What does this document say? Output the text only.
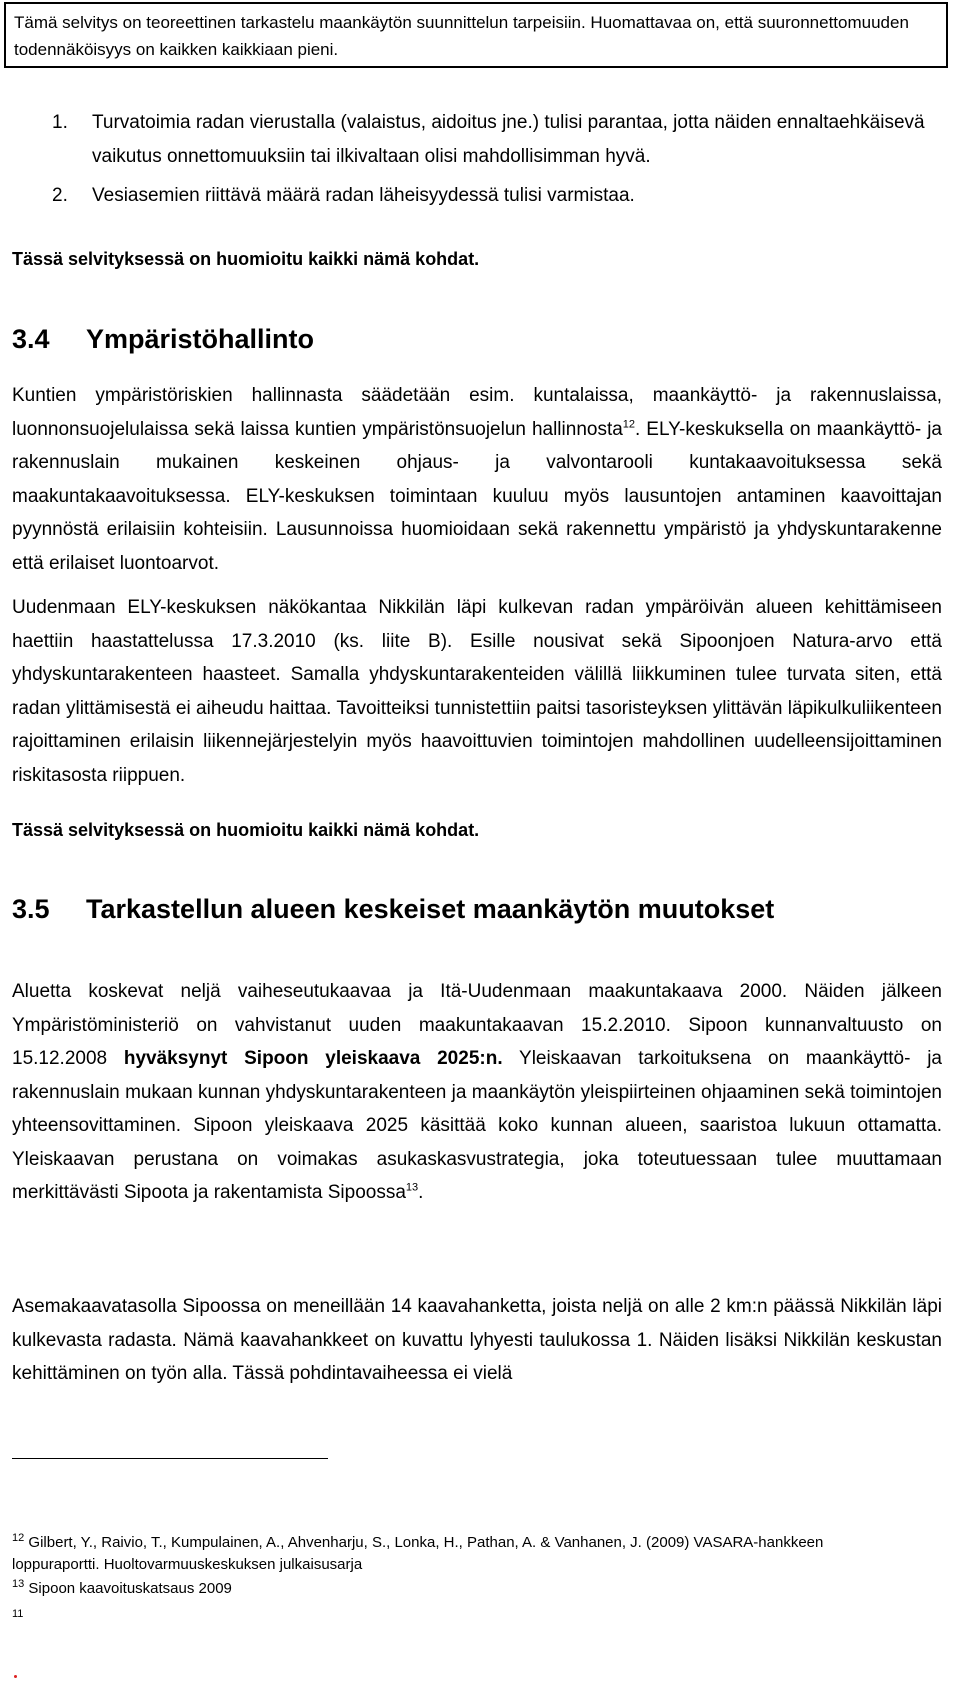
Tämä selvitys on teoreettinen tarkastelu maankäytön suunnittelun tarpeisiin. Huomattavaa on, että suuronnettomuuden todennäköisyys on kaikken kaikkiaan pieni.
1.	Turvatoimia radan vierustalla (valaistus, aidoitus jne.) tulisi parantaa, jotta näiden ennaltaehkäisevä vaikutus onnettomuuksiin tai ilkivaltaan olisi mahdollisimman hyvä.
2.	Vesiasemien riittävä määrä radan läheisyydessä tulisi varmistaa.
Tässä selvityksessä on huomioitu kaikki nämä kohdat.
3.4 Ympäristöhallinto
Kuntien ympäristöriskien hallinnasta säädetään esim. kuntalaissa, maankäyttö- ja rakennuslaissa, luonnonsuojelulaissa sekä laissa kuntien ympäristönsuojelun hallinnosta$^{12}$. ELY-keskuksella on maankäyttö- ja rakennuslain mukainen keskeinen ohjaus- ja valvontarooli kuntakaavoituksessa sekä maakuntakaavoituksessa. ELY-keskuksen toimintaan kuuluu myös lausuntojen antaminen kaavoittajan pyynnöstä erilaisiin kohteisiin. Lausunnoissa huomioidaan sekä rakennettu ympäristö ja yhdyskuntarakenne että erilaiset luontoarvot.
Uudenmaan ELY-keskuksen näkökantaa Nikkilän läpi kulkevan radan ympäröivän alueen kehittämiseen haettiin haastattelussa 17.3.2010 (ks. liite B). Esille nousivat sekä Sipoonjoen Natura-arvo että yhdyskuntarakenteen haasteet. Samalla yhdyskuntarakenteiden välillä liikkuminen tulee turvata siten, että radan ylittämisestä ei aiheudu haittaa. Tavoitteiksi tunnistettiin paitsi tasoristeyksen ylittävän läpikulkuliikenteen rajoittaminen erilaisin liikennejärjestelyin myös haavoittuvien toimintojen mahdollinen uudelleensijoittaminen riskitasosta riippuen.
Tässä selvityksessä on huomioitu kaikki nämä kohdat.
3.5 Tarkastellun alueen keskeiset maankäytön muutokset
Aluetta koskevat neljä vaiheseutukaavaa ja Itä-Uudenmaan maakuntakaava 2000. Näiden jälkeen Ympäristöministeriö on vahvistanut uuden maakuntakaavan 15.2.2010. Sipoon kunnanvaltuusto on 15.12.2008 hyväksynyt Sipoon yleiskaava 2025:n. Yleiskaavan tarkoituksena on maankäyttö- ja rakennuslain mukaan kunnan yhdyskuntarakenteen ja maankäytön yleispiirteinen ohjaaminen sekä toimintojen yhteensovittaminen. Sipoon yleiskaava 2025 käsittää koko kunnan alueen, saaristoa lukuun ottamatta. Yleiskaavan perustana on voimakas asukaskasvustrategia, joka toteutuessaan tulee muuttamaan merkittävästi Sipoota ja rakentamista Sipoossa$^{13}$.
Asemakaavatasolla Sipoossa on meneillään 14 kaavahanketta, joista neljä on alle 2 km:n päässä Nikkilän läpi kulkevasta radasta. Nämä kaavahankkeet on kuvattu lyhyesti taulukossa 1. Näiden lisäksi Nikkilän keskustan kehittäminen on työn alla. Tässä pohdintavaiheessa ei vielä
$^{12}$ Gilbert, Y., Raivio, T., Kumpulainen, A., Ahvenharju, S., Lonka, H., Pathan, A. & Vanhanen, J. (2009) VASARA-hankkeen loppuraportti. Huoltovarmuuskeskuksen julkaisusarja
$^{13}$ Sipoon kaavoituskatsaus 2009
11
